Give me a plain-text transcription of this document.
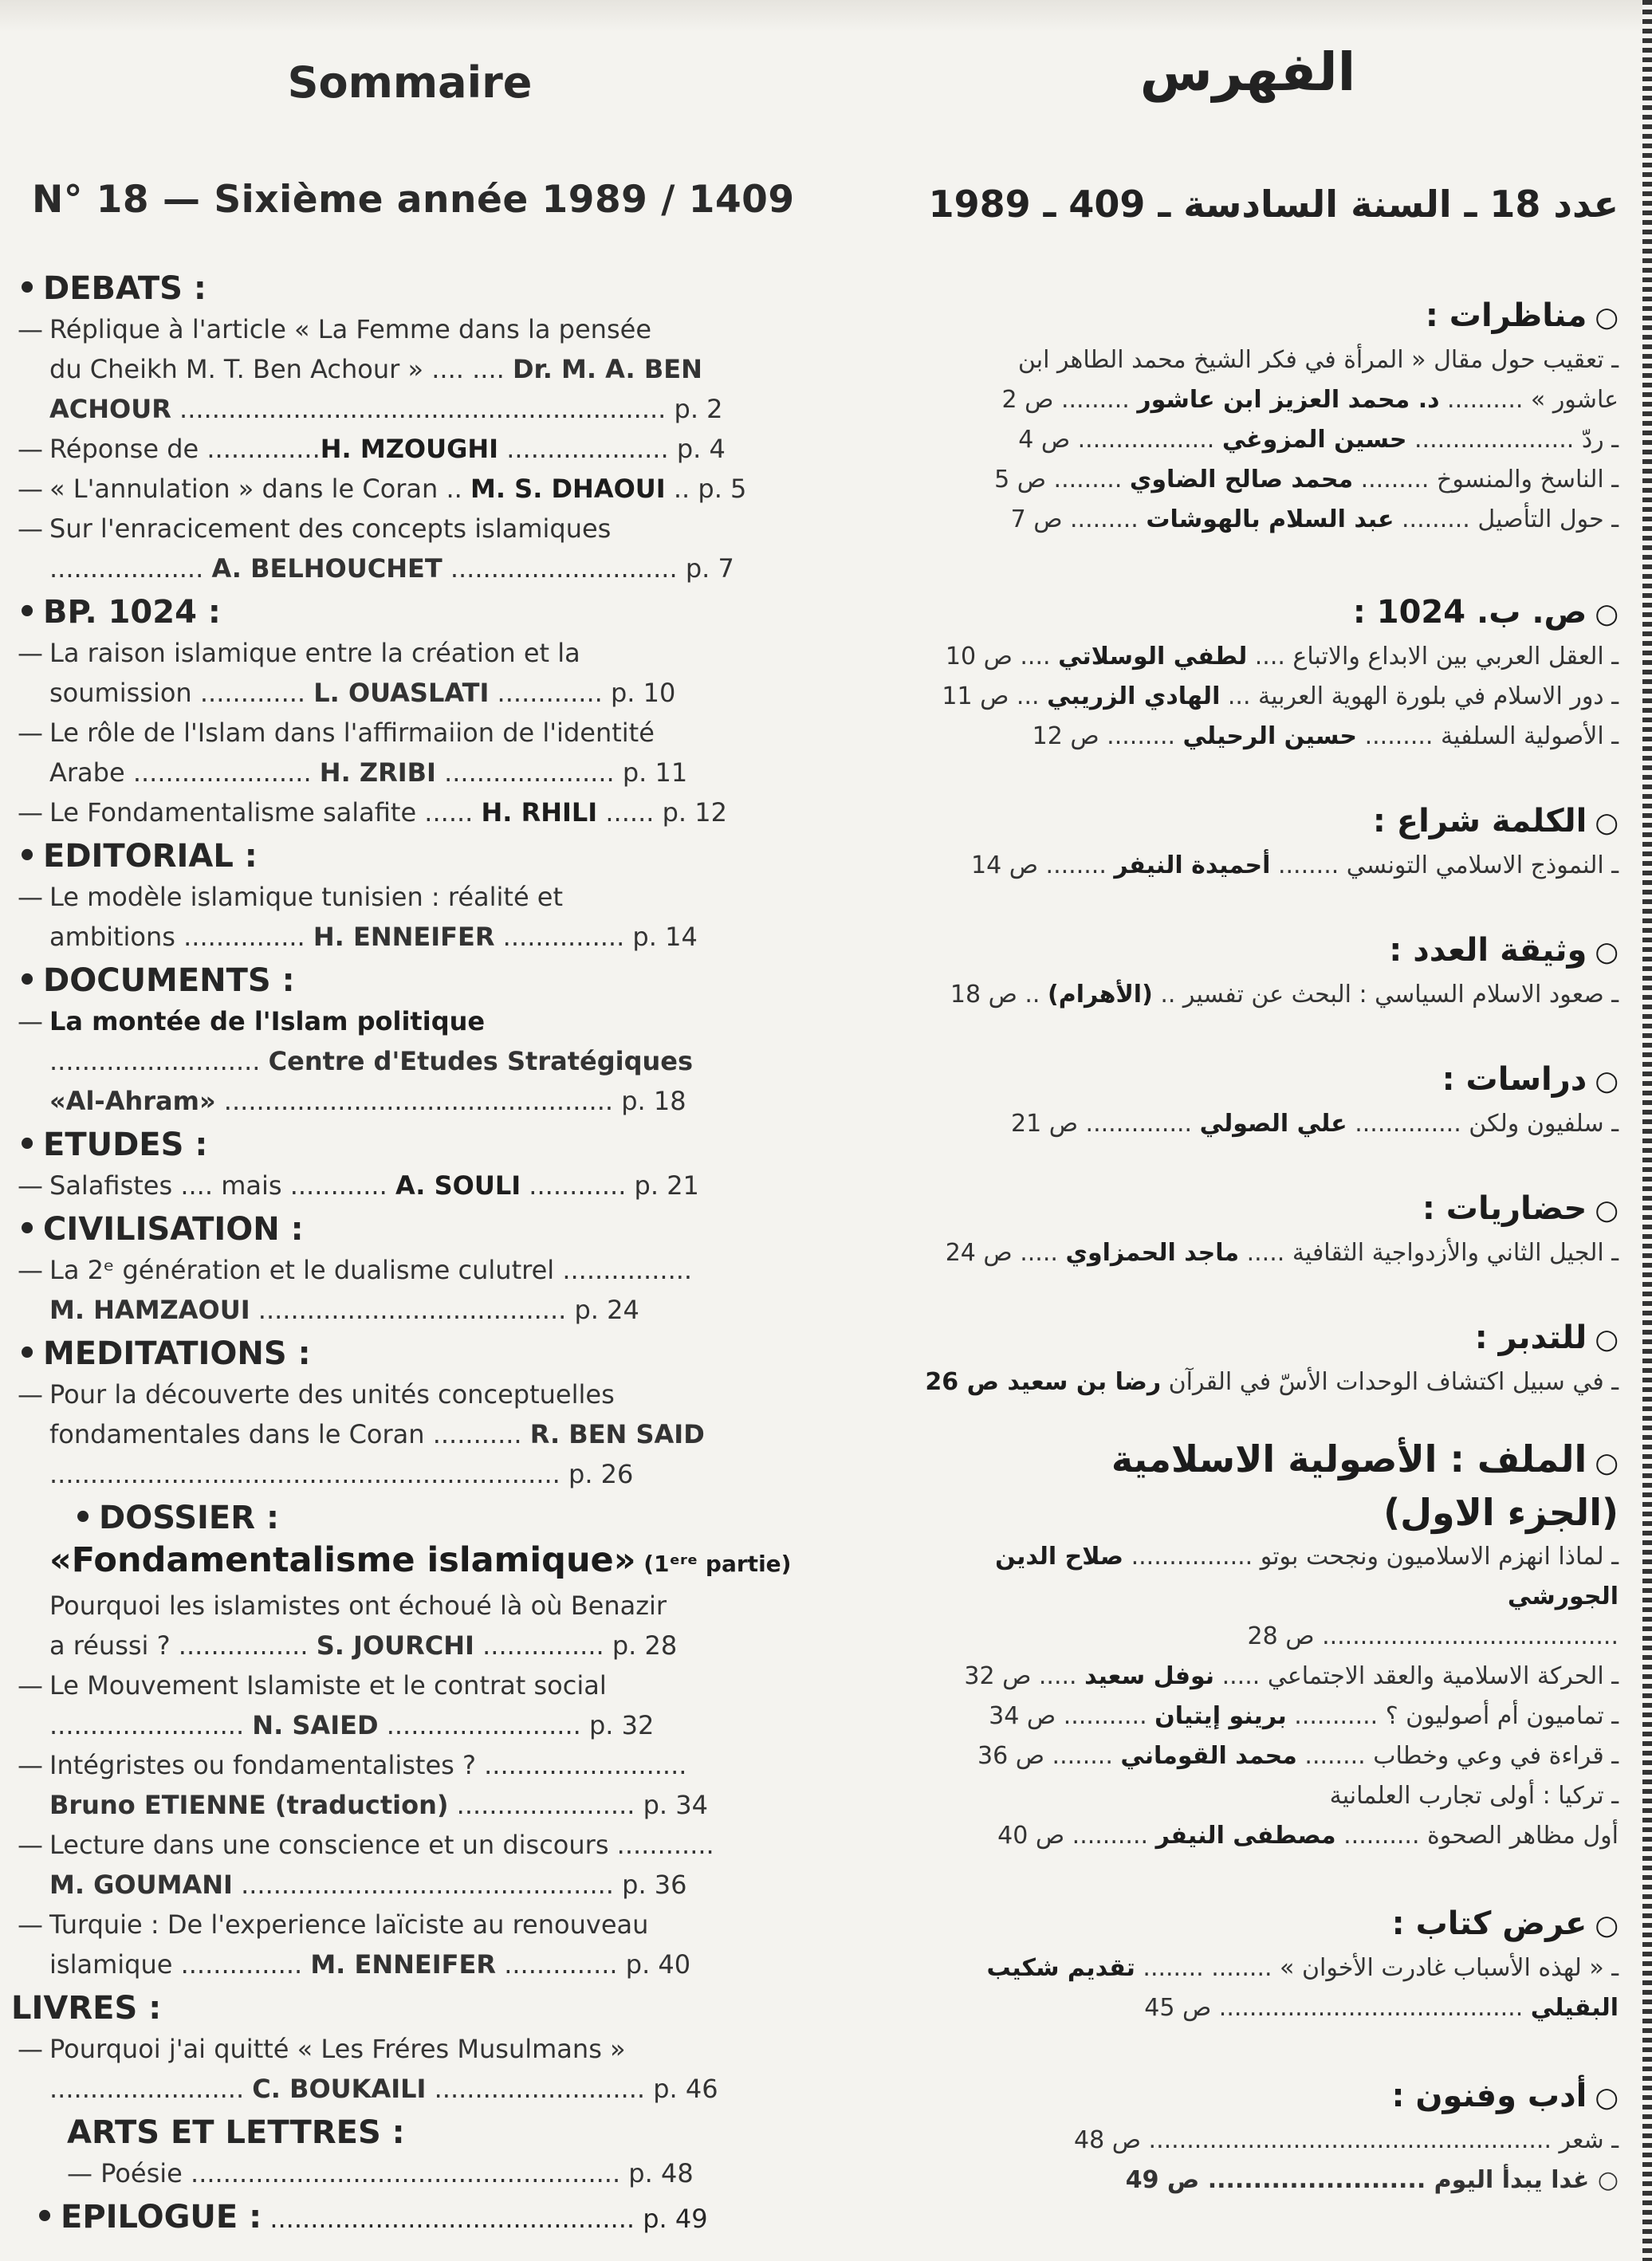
Sommaire
N° 18 — Sixième année 1989 / 1409
• DEBATS :
— Réplique à l'article « La Femme dans la pensée
du Cheikh M. T. Ben Achour » .... .... Dr. M. A. BEN
ACHOUR ............................................................ p. 2
— Réponse de ..............H. MZOUGHI .................... p. 4
— « L'annulation » dans le Coran .. M. S. DHAOUI .. p. 5
— Sur l'enracicement des concepts islamiques
................... A. BELHOUCHET ............................ p. 7
• BP. 1024 :
— La raison islamique entre la création et la
soumission ............. L. OUASLATI ............. p. 10
— Le rôle de l'Islam dans l'affirmaiion de l'identité
Arabe ...................... H. ZRIBI ..................... p. 11
— Le Fondamentalisme salafite ...... H. RHILI ...... p. 12
• EDITORIAL :
— Le modèle islamique tunisien : réalité et
ambitions ............... H. ENNEIFER ............... p. 14
• DOCUMENTS :
— La montée de l'Islam politique
.......................... Centre d'Etudes Stratégiques
«Al-Ahram» ................................................ p. 18
• ETUDES :
— Salafistes .... mais ............ A. SOULI ............ p. 21
• CIVILISATION :
— La 2ᵉ génération et le dualisme culutrel ................
M. HAMZAOUI ...................................... p. 24
• MEDITATIONS :
— Pour la découverte des unités conceptuelles
fondamentales dans le Coran ........... R. BEN SAID
............................................................... p. 26
• DOSSIER :
«Fondamentalisme islamique» (1ᵉʳᵉ partie)
Pourquoi les islamistes ont échoué là où Benazir
a réussi ? ................ S. JOURCHI ............... p. 28
— Le Mouvement Islamiste et le contrat social
........................ N. SAIED ........................ p. 32
— Intégristes ou fondamentalistes ? .........................
Bruno ETIENNE (traduction) ...................... p. 34
— Lecture dans une conscience et un discours ............
M. GOUMANI .............................................. p. 36
— Turquie : De l'experience laïciste au renouveau
islamique ............... M. ENNEIFER .............. p. 40
LIVRES :
— Pourquoi j'ai quitté « Les Fréres Musulmans »
........................ C. BOUKAILI .......................... p. 46
ARTS ET LETTRES :
— Poésie ..................................................... p. 48
• EPILOGUE : ............................................. p. 49
الفهرس
عدد 18 ـ السنة السادسة ـ 409 ـ 1989
○مناظرات :
ـ تعقيب حول مقال « المرأة في فكر الشيخ محمد الطاهر ابن
عاشور » .......... د. محمد العزيز ابن عاشور ......... ص 2
ـ ردّ ..................... حسين المزوغي .................. ص 4
ـ الناسخ والمنسوخ ......... محمد صالح الضاوي ......... ص 5
ـ حول التأصيل ......... عبد السلام بالهوشات ......... ص 7
○ص. ب. 1024 :
ـ العقل العربي بين الابداع والاتباع .... لطفي الوسلاتي .... ص 10
ـ دور الاسلام في بلورة الهوية العربية ... الهادي الزريبي ... ص 11
ـ الأصولية السلفية ......... حسين الرحيلي ......... ص 12
○الكلمة شراع :
ـ النموذج الاسلامي التونسي ........ أحميدة النيفر ........ ص 14
○وثيقة العدد :
ـ صعود الاسلام السياسي : البحث عن تفسير .. (الأهرام) .. ص 18
○دراسات :
ـ سلفيون ولكن .............. علي الصولي .............. ص 21
○حضاريات :
ـ الجيل الثاني والأزدواجية الثقافية ..... ماجد الحمزاوي ..... ص 24
○للتدبر :
ـ في سبيل اكتشاف الوحدات الأسّ في القرآن رضا بن سعيد ص 26
○الملف : الأصولية الاسلامية
(الجزء الاول)
ـ لماذا انهزم الاسلاميون ونجحت بوتو ................ صلاح الدين
الجورشي
....................................... ص 28
ـ الحركة الاسلامية والعقد الاجتماعي ..... نوفل سعيد ..... ص 32
ـ تماميون أم أصوليون ؟ ........... برينو إيتيان ........... ص 34
ـ قراءة في وعي وخطاب ........ محمد القوماني ........ ص 36
ـ تركيا : أولى تجارب العلمانية
أول مظاهر الصحوة .......... مصطفى النيفر .......... ص 40
○عرض كتاب :
ـ « لهذه الأسباب غادرت الأخوان » ........ ........ تقديم شكيب
البقيلي ........................................ ص 45
○أدب وفنون :
ـ شعر ..................................................... ص 48
○ غدا يبدأ اليوم ........................ ص 49
